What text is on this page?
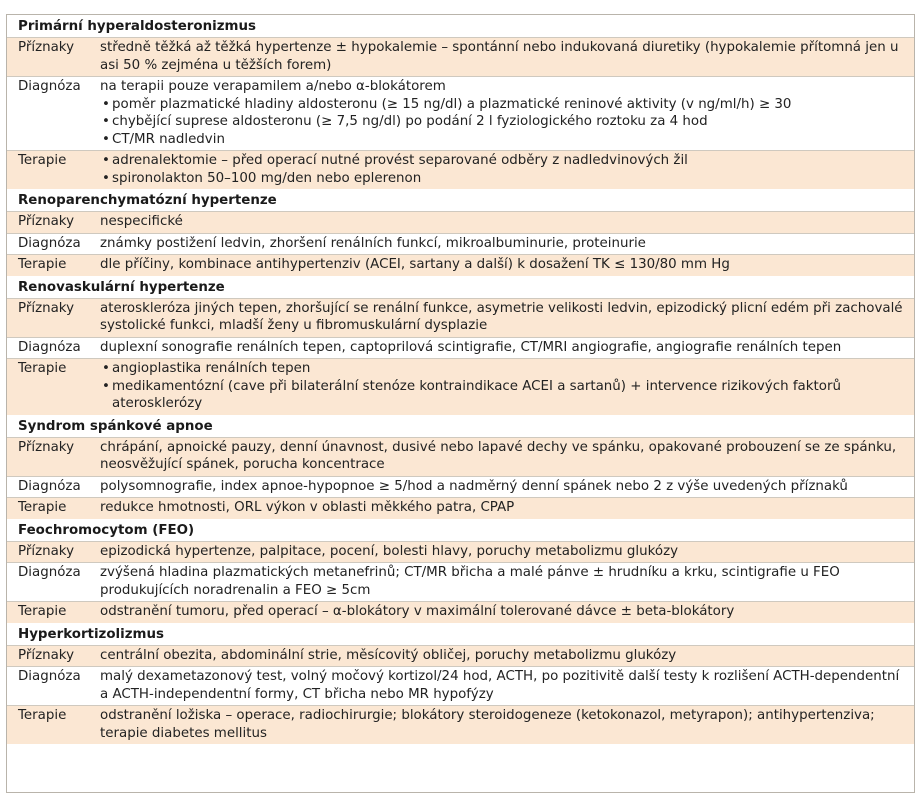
Primární hyperaldosteronizmus
Příznaky	středně těžká až těžká hypertenze ± hypokalemie – spontánní nebo indukovaná diuretiky (hypokalemie přítomná jen u asi 50 % zejména u těžších forem)
Diagnóza	na terapii pouze verapamilem a/nebo α-blokátorem
• poměr plazmatické hladiny aldosteronu (≥ 15 ng/dl) a plazmatické reninové aktivity (v ng/ml/h) ≥ 30
• chybějící suprese aldosteronu (≥ 7,5 ng/dl) po podání 2 l fyziologického roztoku za 4 hod
• CT/MR nadledvin
Terapie	• adrenalektomie – před operací nutné provést separované odběry z nadledvinových žil
• spironolakton 50–100 mg/den nebo eplerenon
Renoparenchymatózní hypertenze
Příznaky	nespecifické
Diagnóza	známky postižení ledvin, zhoršení renálních funkcí, mikroalbuminurie, proteinurie
Terapie	dle příčiny, kombinace antihypertenziv (ACEI, sartany a další) k dosažení TK ≤ 130/80 mm Hg
Renovaskulární hypertenze
Příznaky	ateroskleróza jiných tepen, zhoršující se renální funkce, asymetrie velikosti ledvin, epizodický plicní edém při zachovalé systolické funkci, mladší ženy u fibromuskulární dysplazie
Diagnóza	duplexní sonografie renálních tepen, captoprilová scintigrafie, CT/MRI angiografie, angiografie renálních tepen
Terapie	• angioplastika renálních tepen
• medikamentózní (cave při bilaterální stenóze kontraindikace ACEI a sartanů) + intervence rizikových faktorů aterosklerózy
Syndrom spánkové apnoe
Příznaky	chrápání, apnoické pauzy, denní únavnost, dusivé nebo lapavé dechy ve spánku, opakované probouzení se ze spánku, neosvěžující spánek, porucha koncentrace
Diagnóza	polysomnografie, index apnoe-hypopnoe ≥ 5/hod a nadměrný denní spánek nebo 2 z výše uvedených příznaků
Terapie	redukce hmotnosti, ORL výkon v oblasti měkkého patra, CPAP
Feochromocytom (FEO)
Příznaky	epizodická hypertenze, palpitace, pocení, bolesti hlavy, poruchy metabolizmu glukózy
Diagnóza	zvýšená hladina plazmatických metanefrinů; CT/MR břicha a malé pánve ± hrudníku a krku, scintigrafie u FEO produkujících noradrenalin a FEO ≥ 5cm
Terapie	odstranění tumoru, před operací – α-blokátory v maximální tolerované dávce ± beta-blokátory
Hyperkortizolizmus
Příznaky	centrální obezita, abdominální strie, měsícovitý obličej, poruchy metabolizmu glukózy
Diagnóza	malý dexametazonový test, volný močový kortizol/24 hod, ACTH, po pozitivitě další testy k rozlišení ACTH-dependentní a ACTH-independentní formy, CT břicha nebo MR hypofýzy
Terapie	odstranění ložiska – operace, radiochirurgie; blokátory steroidogeneze (ketokonazol, metyrapon); antihypertenziva; terapie diabetes mellitus
